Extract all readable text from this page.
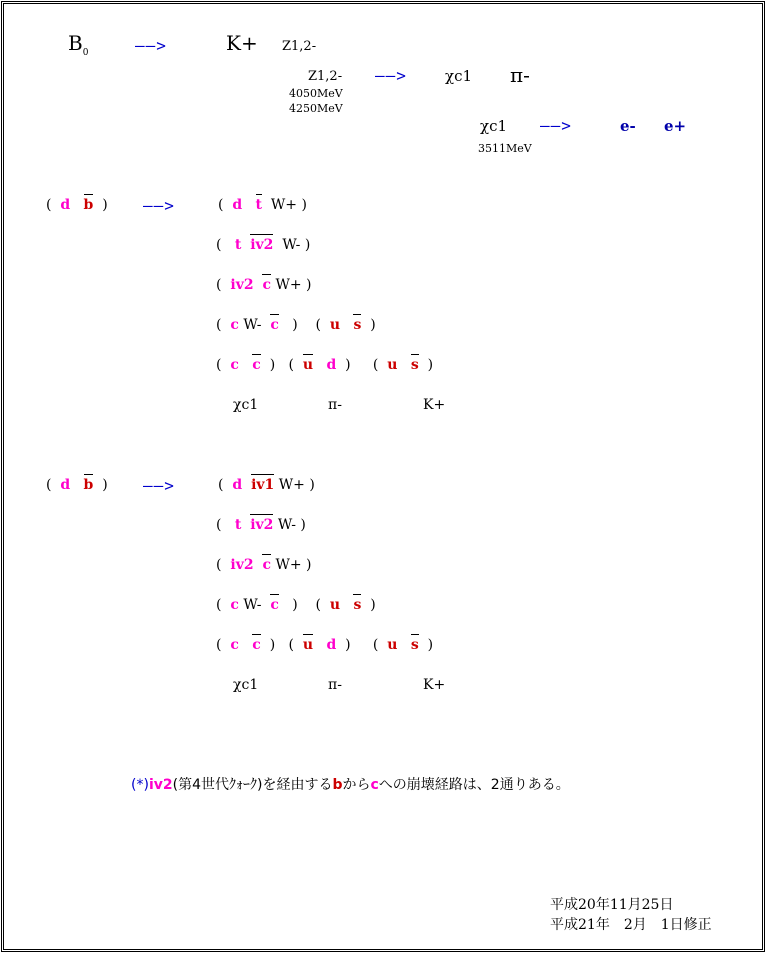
$B_0$	——>	K+ Z1,2-
Z1,2- ——>	χc1 π-
4050MeV
4250MeV
χc1 ——>	e- e+
3511MeV
( d b ) ——>	( d t W+ )
( t iv2 W- )
( iv2 c W+ )
( c W- c ) ( u s )
( c c ) ( u d ) ( u s )
χc1	π-	K+
( d b ) ——>	( d iv1 W+ )
( t iv2 W- )
( iv2 c W+ )
( c W- c ) ( u s )
( c c ) ( u d ) ( u s )
χc1	π-	K+
(*)iv2(第4世代ｸｫｰｸ)を経由するbからcへの崩壊経路は、2通りある。
平成20年11月25日
平成21年　2月　1日修正
